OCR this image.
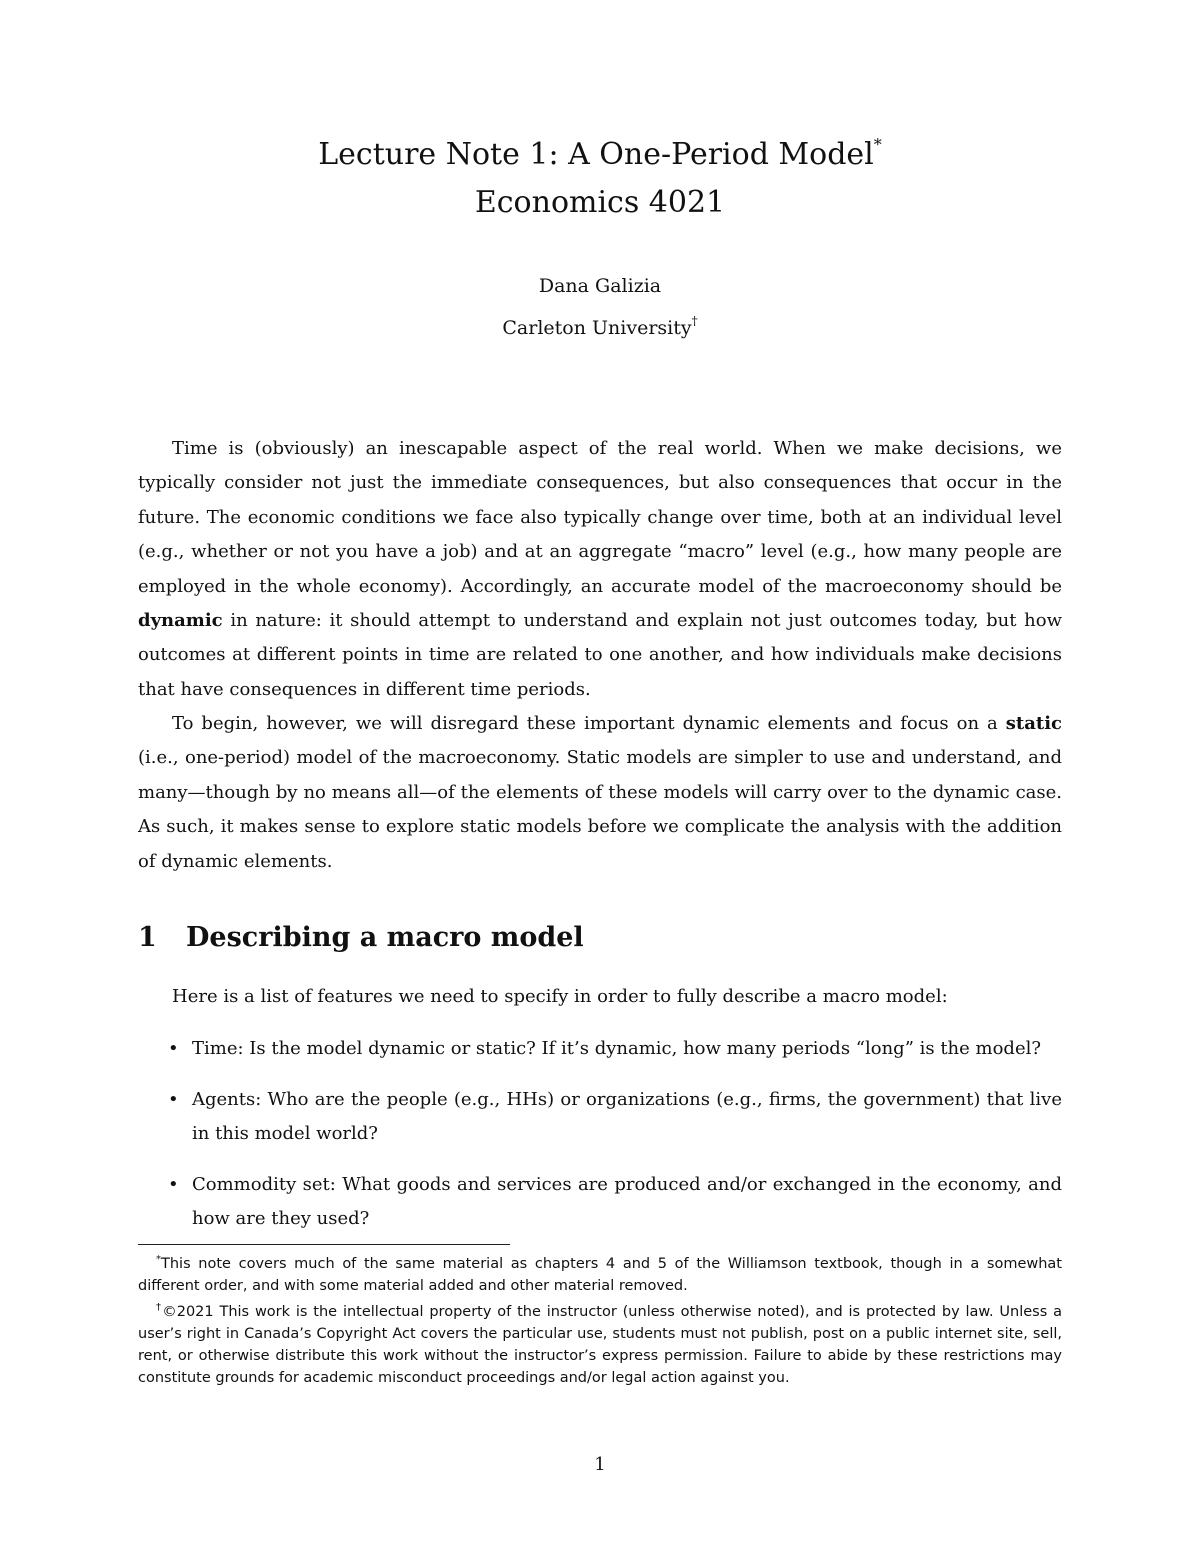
Lecture Note 1: A One-Period Model*
Economics 4021
Dana Galizia
Carleton University†
Time is (obviously) an inescapable aspect of the real world. When we make decisions, we typically consider not just the immediate consequences, but also consequences that occur in the future. The economic conditions we face also typically change over time, both at an individual level (e.g., whether or not you have a job) and at an aggregate “macro” level (e.g., how many people are employed in the whole economy). Accordingly, an accurate model of the macroeconomy should be dynamic in nature: it should attempt to understand and explain not just outcomes today, but how outcomes at different points in time are related to one another, and how individuals make decisions that have consequences in different time periods.
To begin, however, we will disregard these important dynamic elements and focus on a static (i.e., one-period) model of the macroeconomy. Static models are simpler to use and understand, and many—though by no means all—of the elements of these models will carry over to the dynamic case. As such, it makes sense to explore static models before we complicate the analysis with the addition of dynamic elements.
1 Describing a macro model
Here is a list of features we need to specify in order to fully describe a macro model:
• Time: Is the model dynamic or static? If it’s dynamic, how many periods “long” is the model?
• Agents: Who are the people (e.g., HHs) or organizations (e.g., firms, the government) that live in this model world?
• Commodity set: What goods and services are produced and/or exchanged in the economy, and how are they used?

*This note covers much of the same material as chapters 4 and 5 of the Williamson textbook, though in a somewhat different order, and with some material added and other material removed.

†©2021 This work is the intellectual property of the instructor (unless otherwise noted), and is protected by law. Unless a user’s right in Canada’s Copyright Act covers the particular use, students must not publish, post on a public internet site, sell, rent, or otherwise distribute this work without the instructor’s express permission. Failure to abide by these restrictions may constitute grounds for academic misconduct proceedings and/or legal action against you.

1
